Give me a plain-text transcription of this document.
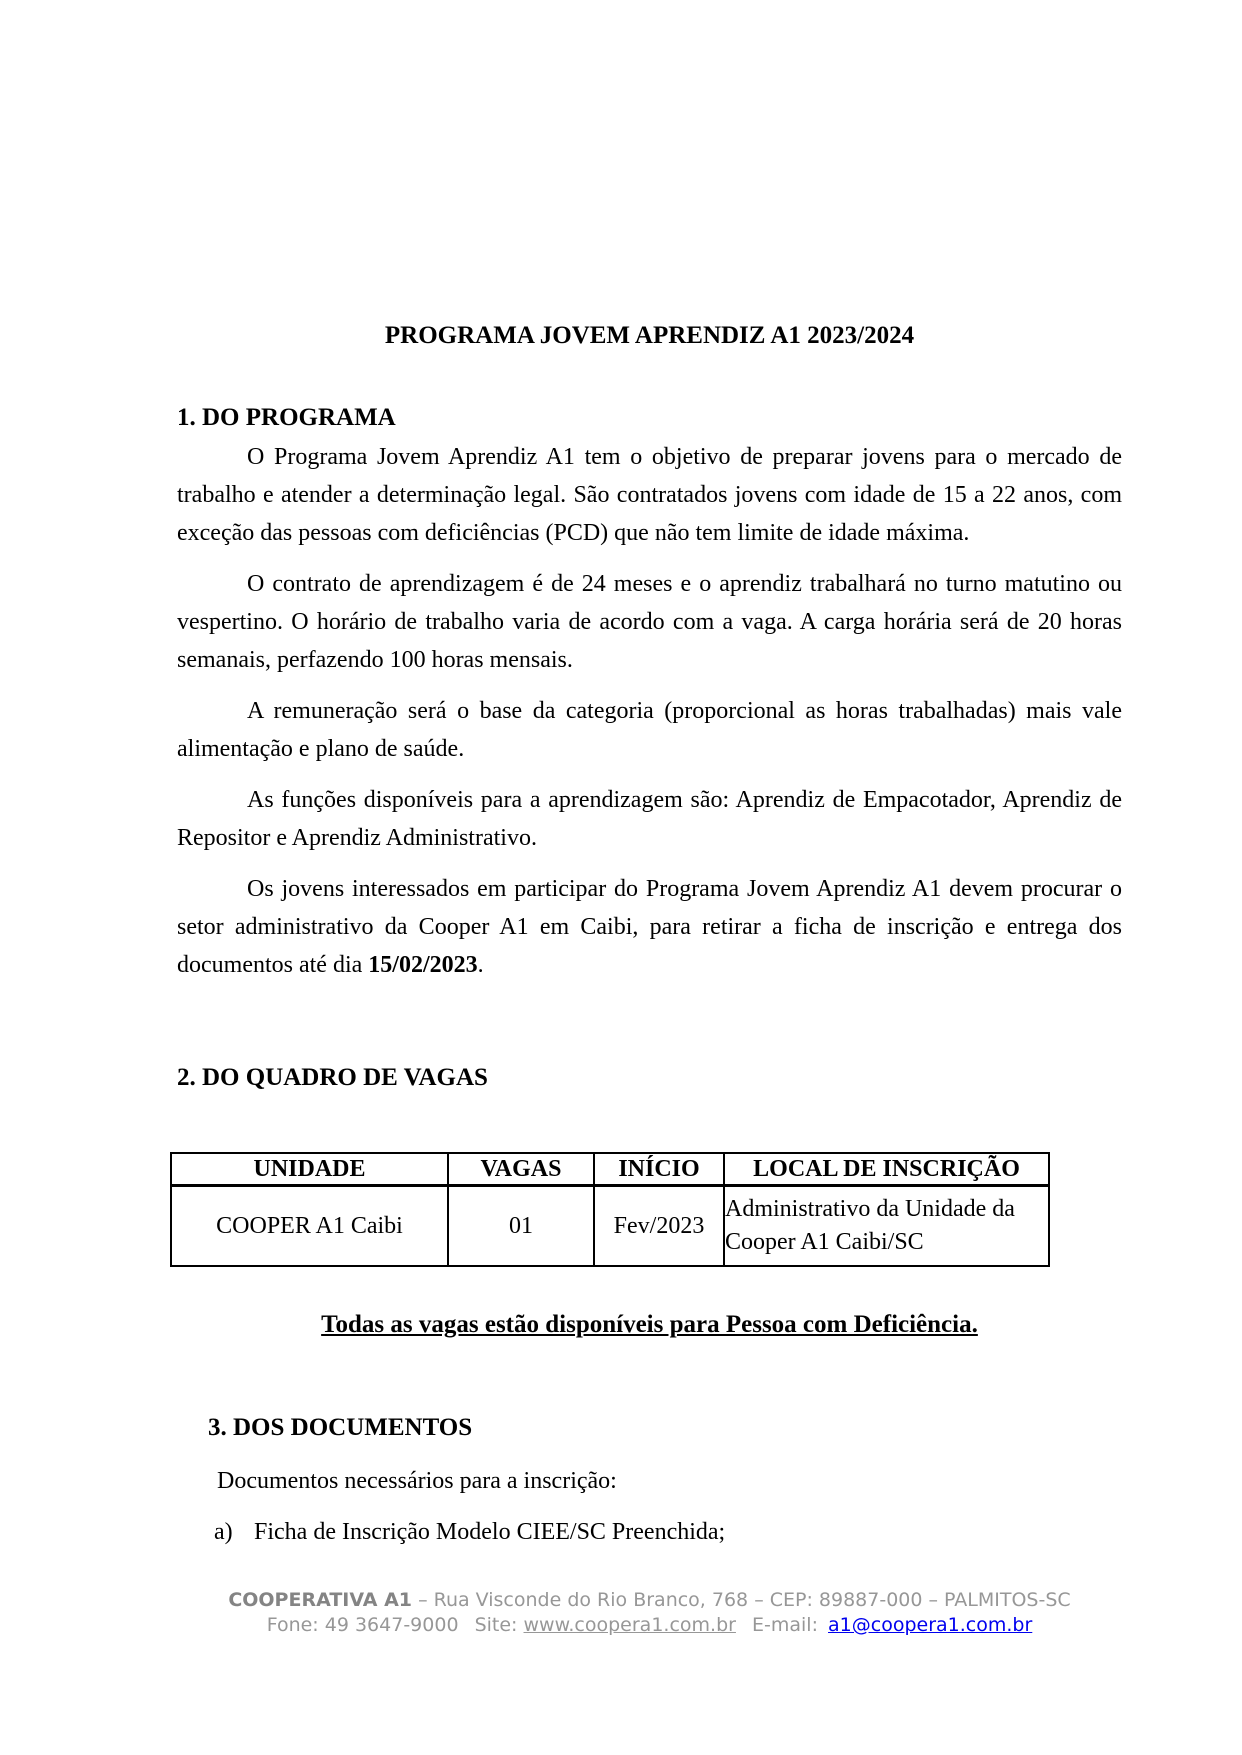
PROGRAMA JOVEM APRENDIZ A1 2023/2024

1. DO PROGRAMA

O Programa Jovem Aprendiz A1 tem o objetivo de preparar jovens para o mercado de trabalho e atender a determinação legal. São contratados jovens com idade de 15 a 22 anos, com exceção das pessoas com deficiências (PCD) que não tem limite de idade máxima.

O contrato de aprendizagem é de 24 meses e o aprendiz trabalhará no turno matutino ou vespertino. O horário de trabalho varia de acordo com a vaga. A carga horária será de 20 horas semanais, perfazendo 100 horas mensais.

A remuneração será o base da categoria (proporcional as horas trabalhadas) mais vale alimentação e plano de saúde.

As funções disponíveis para a aprendizagem são: Aprendiz de Empacotador, Aprendiz de Repositor e Aprendiz Administrativo.

Os jovens interessados em participar do Programa Jovem Aprendiz A1 devem procurar o setor administrativo da Cooper A1 em Caibi, para retirar a ficha de inscrição e entrega dos documentos até dia 15/02/2023.

2. DO QUADRO DE VAGAS

UNIDADE	VAGAS	INÍCIO	LOCAL DE INSCRIÇÃO
COOPER A1 Caibi	01	Fev/2023	Administrativo da Unidade da Cooper A1 Caibi/SC

Todas as vagas estão disponíveis para Pessoa com Deficiência.

3. DOS DOCUMENTOS

Documentos necessários para a inscrição:

a) Ficha de Inscrição Modelo CIEE/SC Preenchida;

COOPERATIVA A1 – Rua Visconde do Rio Branco, 768 – CEP: 89887-000 – PALMITOS-SC
Fone: 49 3647-9000 Site: www.coopera1.com.br E-mail: a1@coopera1.com.br
